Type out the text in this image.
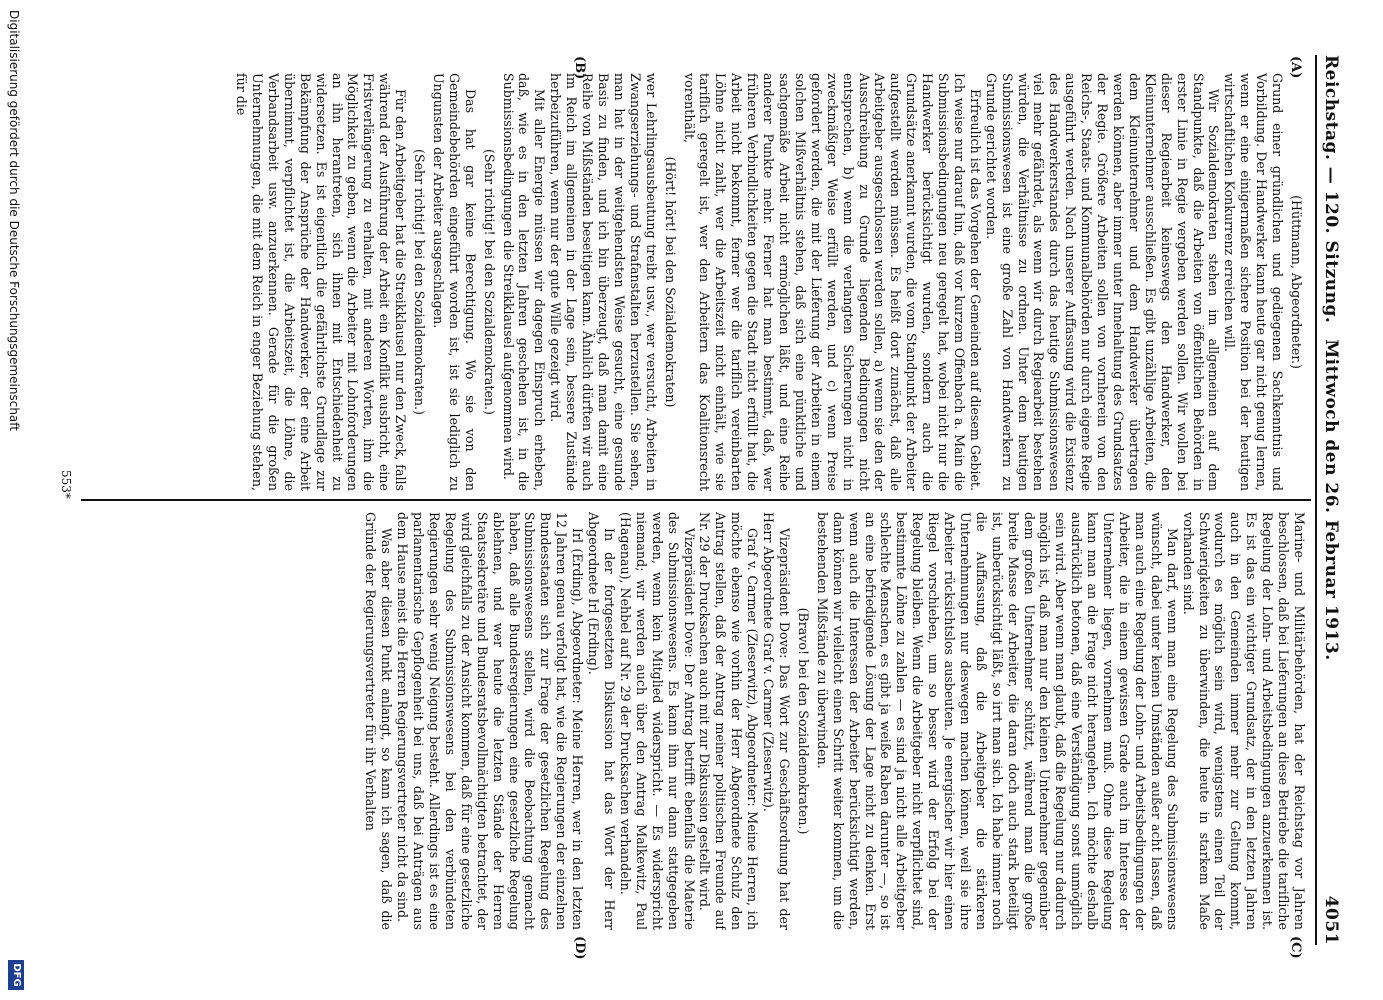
Reichstag. — 120. Sitzung.
Mittwoch den 26. Februar 1913.
4051
(A)
(B)
(C)
(D)

(Hüttmann, Abgeordneter.)

Grund einer gründlichen und gediegenen Sachkenntnis und Vorbildung. Der Handwerker kann heute gar nicht genug lernen, wenn er eine einigermaßen sichere Position bei der heutigen wirtschaftlichen Konkurrenz erreichen will.

Wir Sozialdemokraten stehen im allgemeinen auf dem Standpunkte, daß die Arbeiten von öffentlichen Behörden in erster Linie in Regie vergeben werden sollen. Wir wollen bei dieser Regiearbeit keineswegs den Handwerker, den Kleinunternehmer ausschließen. Es gibt unzählige Arbeiten, die dem Kleinunternehmer und dem Handwerker übertragen werden können, aber immer unter Innehaltung des Grundsatzes der Regie. Größere Arbeiten sollen von vornherein von den Reichs-, Staats- und Kommunalbehörden nur durch eigene Regie ausgeführt werden. Nach unserer Auffassung wird die Existenz des Handwerkerstandes durch das heutige Submissionswesen viel mehr gefährdet, als wenn wir durch Regiearbeit bestehen würden, die Verhältnisse zu ordnen. Unter dem heutigen Submissionswesen ist eine große Zahl von Handwerkern zu Grunde gerichtet worden.

Erfreulich ist das Vorgehen der Gemeinden auf diesem Gebiet. Ich weise nur darauf hin, daß vor kurzem Offenbach a. Main die Submissionsbedingungen neu geregelt hat, wobei nicht nur die Handwerker berücksichtigt wurden, sondern auch die Grundsätze anerkannt wurden, die vom Standpunkt der Arbeiter aufgestellt werden müssen. Es heißt dort zunächst, daß alle Arbeitgeber ausgeschlossen werden sollen, a) wenn sie den der Ausschreibung zu Grunde liegenden Bedingungen nicht entsprechen, b) wenn die verlangten Sicherungen nicht in zweckmäßiger Weise erfüllt werden, und c) wenn Preise gefordert werden, die mit der Lieferung der Arbeiten in einem solchen Mißverhältnis stehen, daß sich eine pünktliche und sachgemäße Arbeit nicht ermöglichen läßt, und eine Reihe anderer Punkte mehr. Ferner hat man bestimmt, daß, wer früheren Verbindlichkeiten gegen die Stadt nicht erfüllt hat, die Arbeit nicht bekommt, ferner wer die tariflich vereinbarten Löhne nicht zahlt, wer die Arbeitszeit nicht einhält, wie sie tariflich geregelt ist, wer den Arbeitern das Koalitionsrecht vorenthält,

(Hört! hört! bei den Sozialdemokraten)

wer Lehrlingsausbeutung treibt usw., wer versucht, Arbeiten in Zwangserziehungs- und Strafanstalten herzustellen. Sie sehen, man hat in der weitgehendsten Weise gesucht, eine gesunde Basis zu finden, und ich bin überzeugt, daß man damit eine Reihe von Mißständen beseitigen kann. Ähnlich dürften wir auch im Reich im allgemeinen in der Lage sein, bessere Zustände herbeizuführen, wenn nur der gute Wille gezeigt wird.

Mit aller Energie müssen wir dagegen Einspruch erheben, daß, wie es in den letzten Jahren geschehen ist, in die Submissionsbedingungen die Streikklausel aufgenommen wird.

(Sehr richtig! bei den Sozialdemokraten.)

Das hat gar keine Berechtigung. Wo sie von den Gemeindebehörden eingeführt worden ist, ist sie lediglich zu Ungunsten der Arbeiter ausgeschlagen.

(Sehr richtig! bei den Sozialdemokraten.)

Für den Arbeitgeber hat die Streikklausel nur den Zweck, falls während der Ausführung der Arbeit ein Konflikt ausbricht, eine Fristverlängerung zu erhalten, mit anderen Worten, ihm die Möglichkeit zu geben, wenn die Arbeiter mit Lohnforderungen an ihn herantreten, sich ihnen mit Entschiedenheit zu widersetzen. Es ist eigentlich die gefährlichste Grundlage zur Bekämpfung der Ansprüche der Handwerker, der eine Arbeit übernimmt, verpflichtet ist, die Arbeitszeit, die Löhne, die Verbandsarbeit usw. anzuerkennen. Gerade für die großen Unternehmungen, die mit dem Reich in enger Beziehung stehen, für die

Marine- und Militärbehörden, hat der Reichstag vor Jahren beschlossen, daß bei Lieferungen an diese Betriebe die tarifliche Regelung der Lohn- und Arbeitsbedingungen anzuerkennen ist. Es ist das ein wichtiger Grundsatz, der in den letzten Jahren auch in den Gemeinden immer mehr zur Geltung kommt, wodurch es möglich sein wird, wenigstens einen Teil der Schwierigkeiten zu überwinden, die heute in starkem Maße vorhanden sind.

Man darf, wenn man eine Regelung des Submissionswesens wünscht, dabei unter keinen Umständen außer acht lassen, daß man auch eine Regelung der Lohn- und Arbeitsbedingungen der Arbeiter, die in einem gewissen Grade auch im Interesse der Unternehmer liegen, vornehmen muß. Ohne diese Regelung kann man an die Frage nicht herangehen. Ich möchte deshalb ausdrücklich betonen, daß eine Verständigung sonst unmöglich sein wird. Aber wenn man glaubt, daß die Regelung nur dadurch möglich ist, daß man nur den kleinen Unternehmer gegenüber dem großen Unternehmer schützt, während man die große breite Masse der Arbeiter, die daran doch auch stark beteiligt ist, unberücksichtigt läßt, so irrt man sich. Ich habe immer noch die Auffassung, daß die Arbeitgeber die stärkeren Unternehmungen nur deswegen machen können, weil sie ihre Arbeiter rücksichtslos ausbeuten. Je energischer wir hier einen Riegel vorschieben, um so besser wird der Erfolg bei der Regelung bleiben. Wenn die Arbeitgeber nicht verpflichtet sind, bestimmte Löhne zu zahlen — es sind ja nicht alle Arbeitgeber schlechte Menschen, es gibt ja weiße Raben darunter —, so ist an eine befriedigende Lösung der Lage nicht zu denken. Erst wenn auch die Interessen der Arbeiter berücksichtigt werden, dann können wir vielleicht einen Schritt weiter kommen, um die bestehenden Mißstände zu überwinden.

(Bravo! bei den Sozialdemokraten.)

Vizepräsident Dove: Das Wort zur Geschäftsordnung hat der Herr Abgeordnete Graf v. Carmer (Zieserwitz).

Graf v. Carmer (Zieserwitz), Abgeordneter: Meine Herren, ich möchte ebenso wie vorhin der Herr Abgeordnete Schulz den Antrag stellen, daß der Antrag meiner politischen Freunde auf Nr. 29 der Drucksachen auch mit zur Diskussion gestellt wird.

Vizepräsident Dove: Der Antrag betrifft ebenfalls die Materie des Submissionswesens. Es kann ihm nur dann stattgegeben werden, wenn kein Mitglied widerspricht. — Es widerspricht niemand; wir werden auch über den Antrag Malkewitz, Paul (Hagenau), Nehbel auf Nr. 29 der Drucksachen verhandeln.

In der fortgesetzten Diskussion hat das Wort der Herr Abgeordnete Irl (Erding).

Irl (Erding), Abgeordneter: Meine Herren, wer in den letzten 12 Jahren genau verfolgt hat, wie die Regierungen der einzelnen Bundesstaaten sich zur Frage der gesetzlichen Regelung des Submissionswesens stellen, wird die Beobachtung gemacht haben, daß alle Bundesregierungen eine gesetzliche Regelung ablehnen, und wer heute die letzten Stände der Herren Staatssekretäre und Bundesratsbevollmächtigten betrachtet, der wird gleichfalls zu der Ansicht kommen, daß für eine gesetzliche Regelung des Submissionswesens bei den verbündeten Regierungen sehr wenig Neigung besteht. Allerdings ist es eine parlamentarische Gepflogenheit bei uns, daß bei Anträgen aus dem Hause meist die Herren Regierungsvertreter nicht da sind.

Was aber diesen Punkt anlangt, so kann ich sagen, daß die Gründe der Regierungsvertreter für ihr Verhalten

553*
Digitalisierung gefördert durch die Deutsche Forschungsgemeinschaft
DFG
